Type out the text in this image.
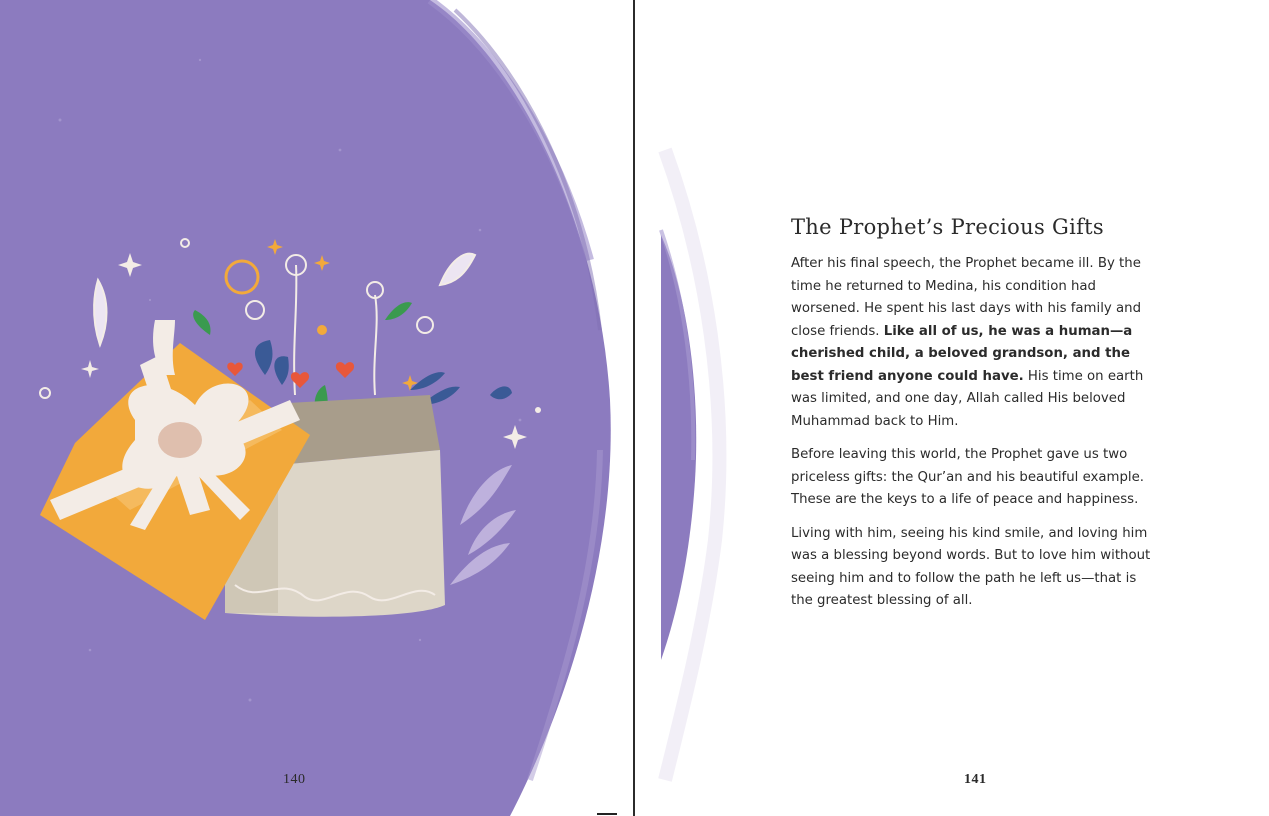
140
The Prophet’s Precious Gifts

After his final speech, the Prophet became ill. By the time he returned to Medina, his condition had worsened. He spent his last days with his family and close friends. Like all of us, he was a human—a cherished child, a beloved grandson, and the best friend anyone could have. His time on earth was limited, and one day, Allah called His beloved Muhammad back to Him.

Before leaving this world, the Prophet gave us two priceless gifts: the Qur’an and his beautiful example. These are the keys to a life of peace and happiness.

Living with him, seeing his kind smile, and loving him was a blessing beyond words. But to love him without seeing him and to follow the path he left us—that is the greatest blessing of all.

141
